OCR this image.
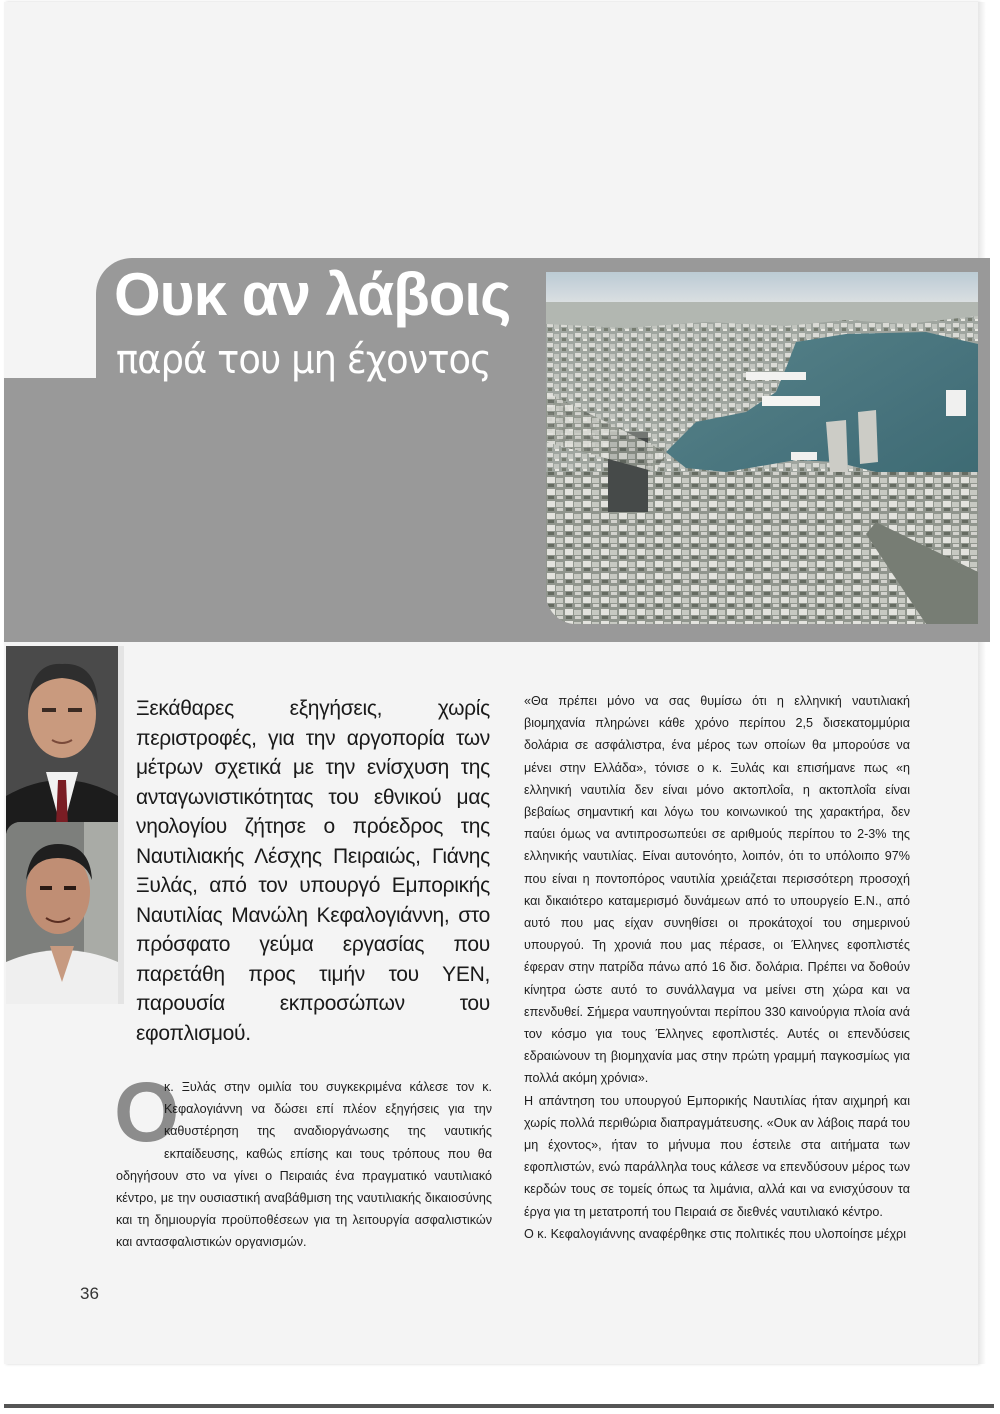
Ουκ αν λάβοις
παρά του μη έχοντος

Ξεκάθαρες εξηγήσεις, χωρίς περιστροφές, για την αργοπορία των μέτρων σχετικά με την ενίσχυση της ανταγωνιστικότητας του εθνικού μας νηολογίου ζήτησε ο πρόεδρος της Ναυτιλιακής Λέσχης Πειραιώς, Γιάνης Ξυλάς, από τον υπουργό Εμπορικής Ναυτιλίας Μανώλη Κεφαλογιάννη, στο πρόσφατο γεύμα εργασίας που παρετάθη προς τιμήν του ΥΕΝ, παρουσία εκπροσώπων του εφοπλισμού.

Ο

κ. Ξυλάς στην ομιλία του συγκεκριμένα κάλεσε τον κ. Κεφαλογιάννη να δώσει επί πλέον εξηγήσεις για την καθυστέρηση της αναδιοργάνωσης της ναυτικής εκπαίδευσης, καθώς επίσης και τους τρόπους που θα οδηγήσουν στο να γίνει ο Πειραιάς ένα πραγματικό ναυτιλιακό κέντρο, με την ουσιαστική αναβάθμιση της ναυτιλιακής δικαιοσύνης και τη δημιουργία προϋποθέσεων για τη λειτουργία ασφαλιστικών και αντασφαλιστικών οργανισμών.

«Θα πρέπει μόνο να σας θυμίσω ότι η ελληνική ναυτιλιακή βιομηχανία πληρώνει κάθε χρόνο περίπου 2,5 δισεκατομμύρια δολάρια σε ασφάλιστρα, ένα μέρος των οποίων θα μπορούσε να μένει στην Ελλάδα», τόνισε ο κ. Ξυλάς και επισήμανε πως «η ελληνική ναυτιλία δεν είναι μόνο ακτοπλοΐα, η ακτοπλοΐα είναι βεβαίως σημαντική και λόγω του κοινωνικού της χαρακτήρα, δεν παύει όμως να αντιπροσωπεύει σε αριθμούς περίπου το 2-3% της ελληνικής ναυτιλίας. Είναι αυτονόητο, λοιπόν, ότι το υπόλοιπο 97% που είναι η ποντοπόρος ναυτιλία χρειάζεται περισσότερη προσοχή και δικαιότερο καταμερισμό δυνάμεων από το υπουργείο Ε.Ν., από αυτό που μας είχαν συνηθίσει οι προκάτοχοί του σημερινού υπουργού. Τη χρονιά που μας πέρασε, οι Έλληνες εφοπλιστές έφεραν στην πατρίδα πάνω από 16 δισ. δολάρια. Πρέπει να δοθούν κίνητρα ώστε αυτό το συνάλλαγμα να μείνει στη χώρα και να επενδυθεί. Σήμερα ναυπηγούνται περίπου 330 καινούργια πλοία ανά τον κόσμο για τους Έλληνες εφοπλιστές. Αυτές οι επενδύσεις εδραιώνουν τη βιομηχανία μας στην πρώτη γραμμή παγκοσμίως για πολλά ακόμη χρόνια».

Η απάντηση του υπουργού Εμπορικής Ναυτιλίας ήταν αιχμηρή και χωρίς πολλά περιθώρια διαπραγμάτευσης. «Ουκ αν λάβοις παρά του μη έχοντος», ήταν το μήνυμα που έστειλε στα αιτήματα των εφοπλιστών, ενώ παράλληλα τους κάλεσε να επενδύσουν μέρος των κερδών τους σε τομείς όπως τα λιμάνια, αλλά και να ενισχύσουν τα έργα για τη μετατροπή του Πειραιά σε διεθνές ναυτιλιακό κέντρο.

Ο κ. Κεφαλογιάννης αναφέρθηκε στις πολιτικές που υλοποίησε μέχρι

36
